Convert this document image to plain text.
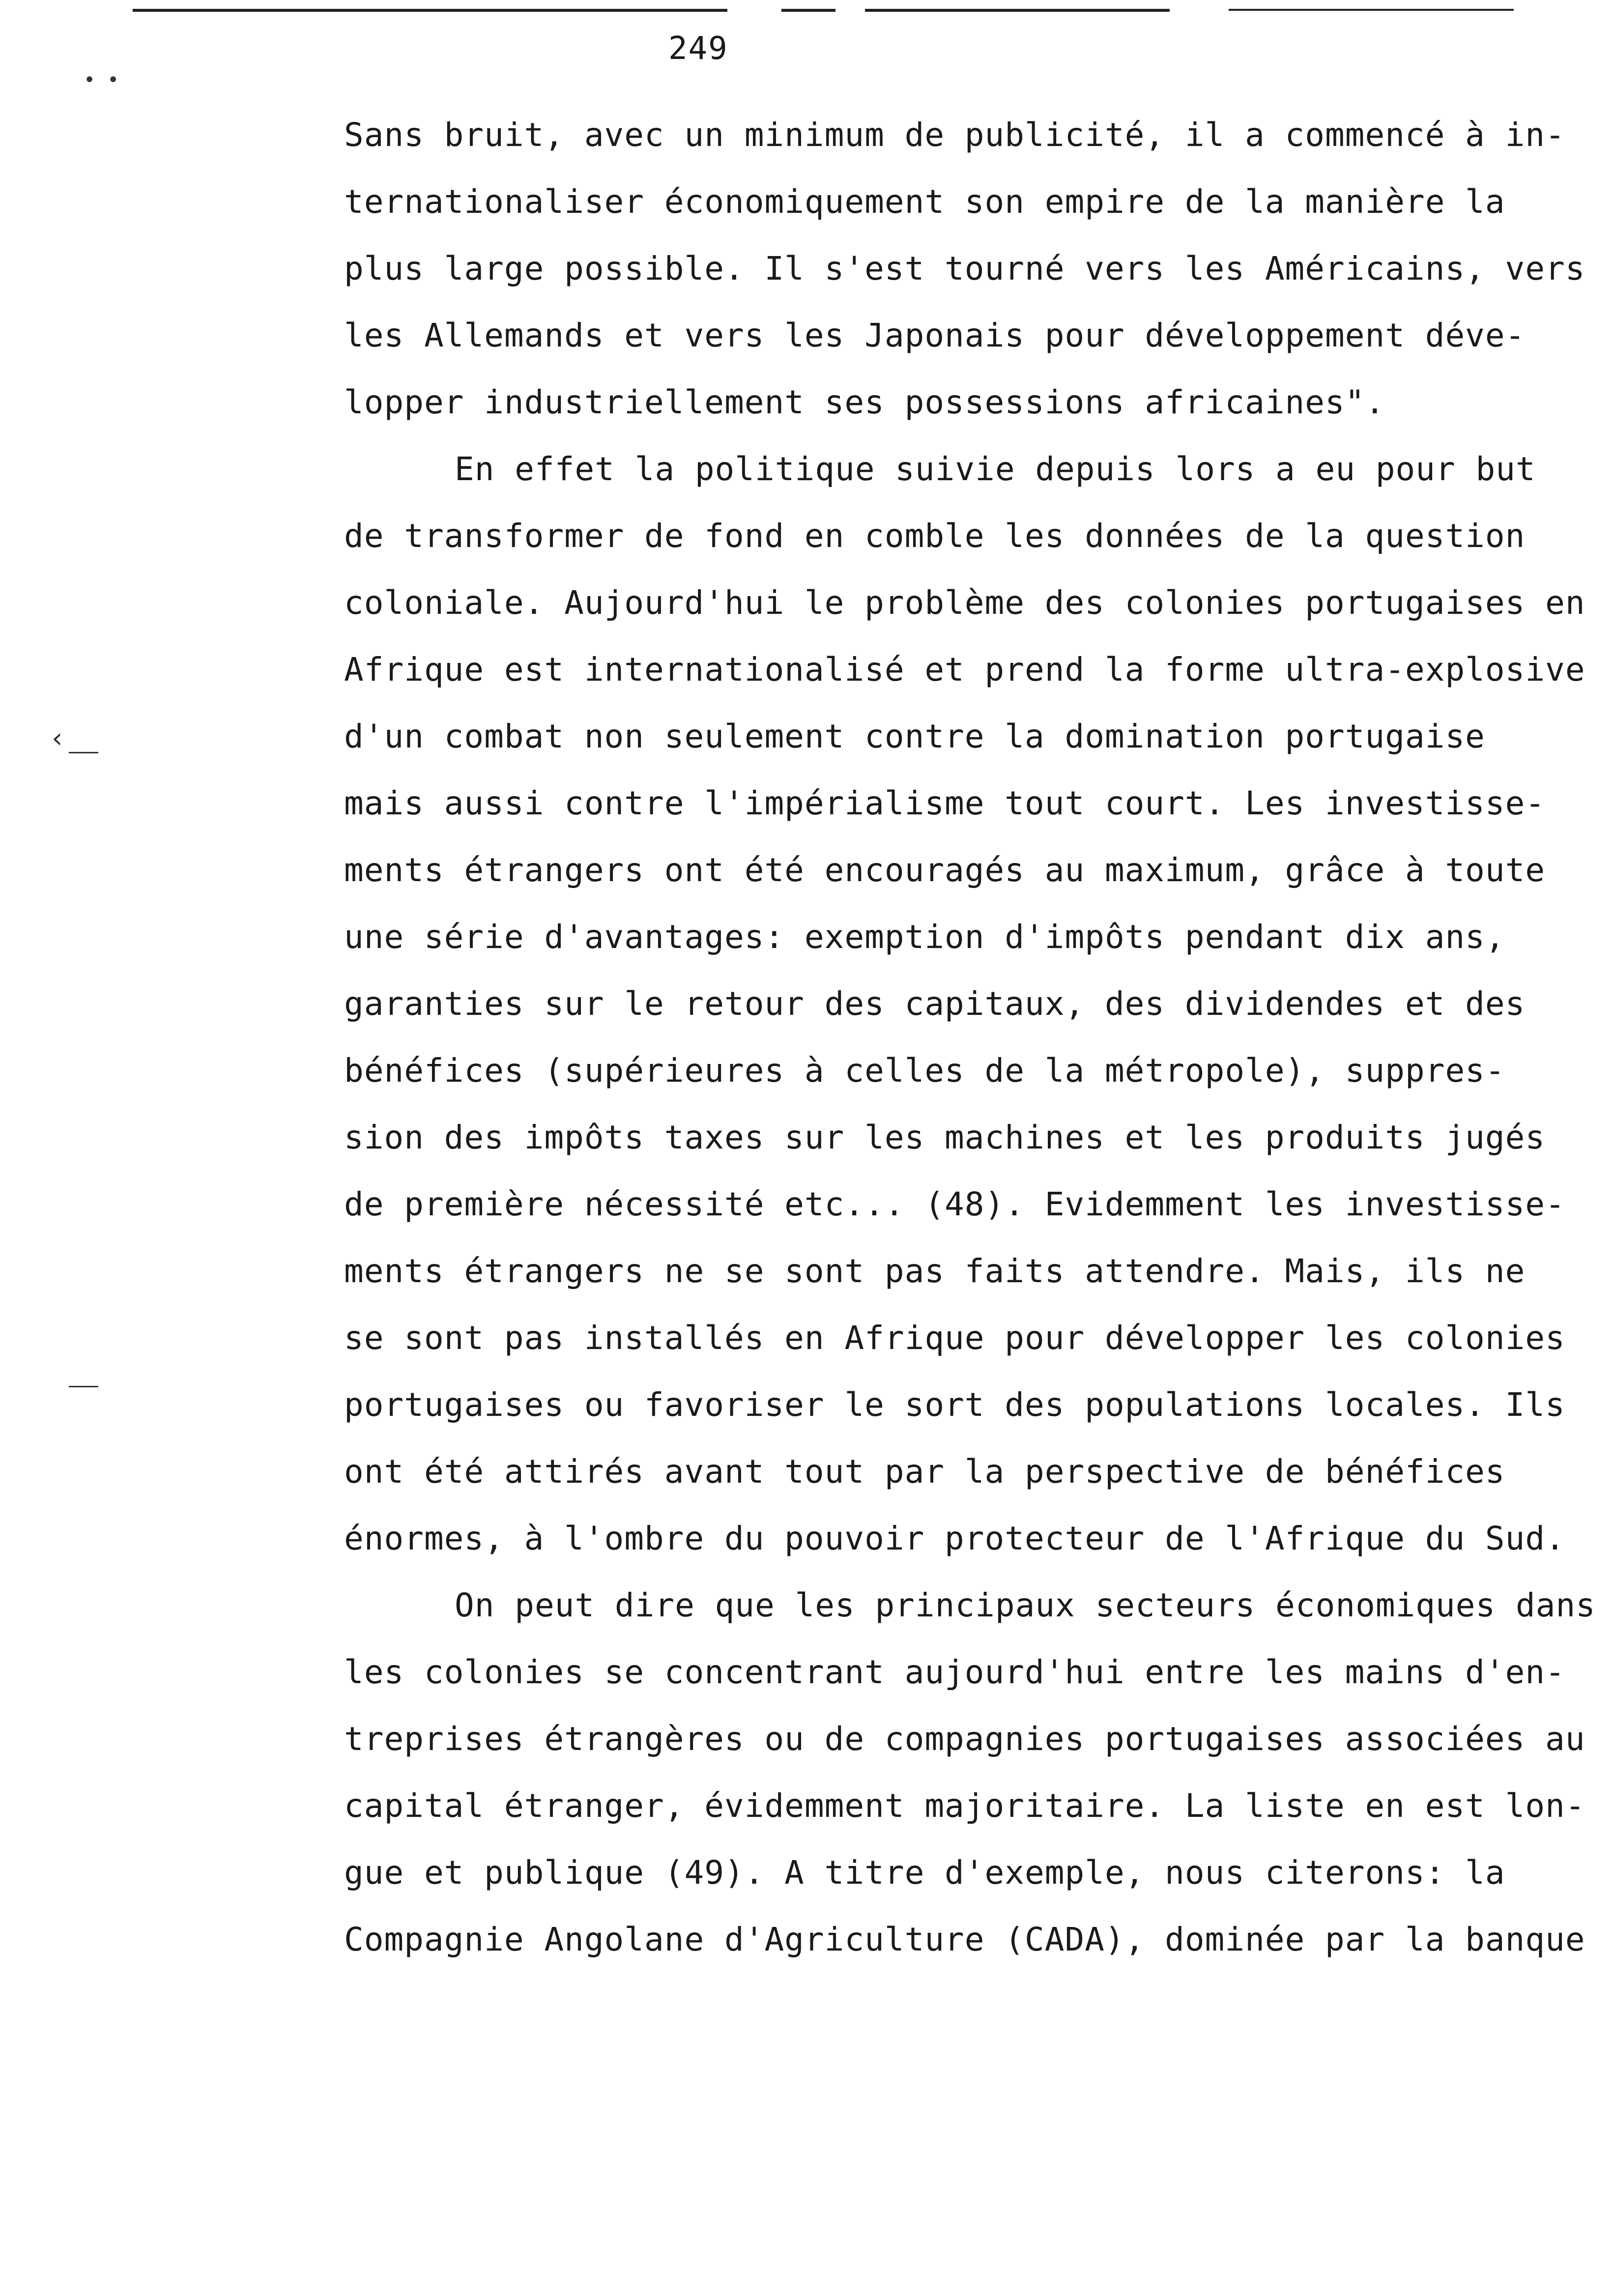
249
• •
‹
Sans bruit, avec un minimum de publicité, il a commencé à in-
ternationaliser économiquement son empire de la manière la
plus large possible. Il s'est tourné vers les Américains, vers
les Allemands et vers les Japonais pour développement déve-
lopper industriellement ses possessions africaines".
En effet la politique suivie depuis lors a eu pour but
de transformer de fond en comble les données de la question
coloniale. Aujourd'hui le problème des colonies portugaises en
Afrique est internationalisé et prend la forme ultra-explosive
d'un combat non seulement contre la domination portugaise
mais aussi contre l'impérialisme tout court. Les investisse-
ments étrangers ont été encouragés au maximum, grâce à toute
une série d'avantages: exemption d'impôts pendant dix ans,
garanties sur le retour des capitaux, des dividendes et des
bénéfices (supérieures à celles de la métropole), suppres-
sion des impôts taxes sur les machines et les produits jugés
de première nécessité etc... (48). Evidemment les investisse-
ments étrangers ne se sont pas faits attendre. Mais, ils ne
se sont pas installés en Afrique pour développer les colonies
portugaises ou favoriser le sort des populations locales. Ils
ont été attirés avant tout par la perspective de bénéfices
énormes, à l'ombre du pouvoir protecteur de l'Afrique du Sud.
On peut dire que les principaux secteurs économiques dans
les colonies se concentrant aujourd'hui entre les mains d'en-
treprises étrangères ou de compagnies portugaises associées au
capital étranger, évidemment majoritaire. La liste en est lon-
gue et publique (49). A titre d'exemple, nous citerons: la
Compagnie Angolane d'Agriculture (CADA), dominée par la banque
